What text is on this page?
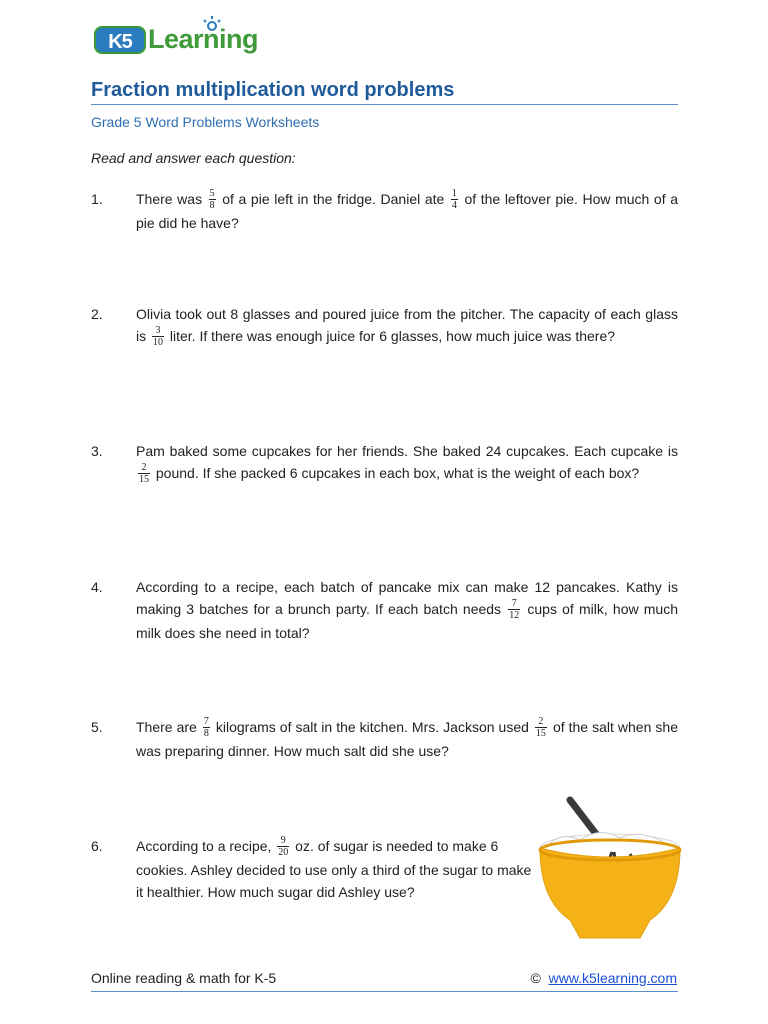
K5 Learning
Fraction multiplication word problems
Grade 5 Word Problems Worksheets
Read and answer each question:
1. There was $\frac{5}{8}$ of a pie left in the fridge. Daniel ate $\frac{1}{4}$ of the leftover pie. How much of a pie did he have?
2. Olivia took out 8 glasses and poured juice from the pitcher. The capacity of each glass is $\frac{3}{10}$ liter. If there was enough juice for 6 glasses, how much juice was there?
3. Pam baked some cupcakes for her friends. She baked 24 cupcakes. Each cupcake is
$\frac{2}{15}$ pound. If she packed 6 cupcakes in each box, what is the weight of each box?
4. According to a recipe, each batch of pancake mix can make 12 pancakes. Kathy is making 3 batches for a brunch party. If each batch needs $\frac{7}{12}$ cups of milk, how much milk does she need in total?
5. There are $\frac{7}{8}$ kilograms of salt in the kitchen. Mrs. Jackson used $\frac{2}{15}$ of the salt when she was preparing dinner. How much salt did she use?
6. According to a recipe, $\frac{9}{20}$ oz. of sugar is needed to make 6 cookies. Ashley decided to use only a third of the sugar to make it healthier. How much sugar did Ashley use?
Online reading & math for K-5	© www.k5learning.com
